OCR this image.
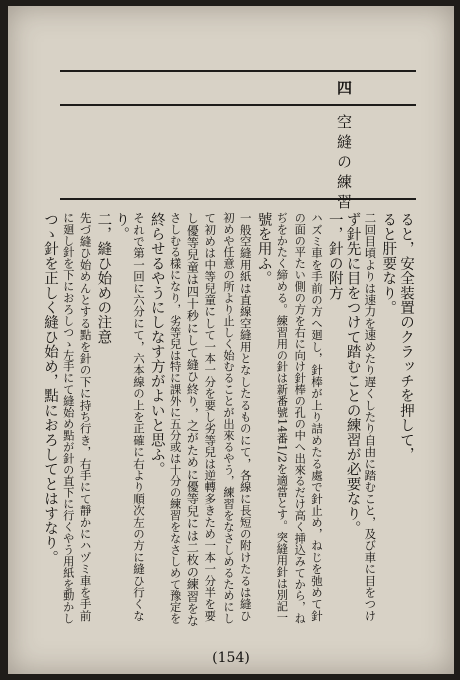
四
空縫の練習
ると，安全装置のクラッチを押して，
ると肝要なり。
二回目頃よりは速力を速めたり遅くしたり自由に踏むこと，及び車に目をつけ
ず針先に目をつけて踏むことの練習が必要なり。
一，針の附方
ハズミ車を手前の方へ廻し，針棒が上り詰めたる處で針止め，ねじを弛めて針
の面の平たい側の方を右に向け針棒の孔の中へ出來るだけ高く挿込みてから，ね
ぢをかたく締める。練習用の針は新番號14番1/2を適當とす。突縫用針は別記一
號を用ふ。
一般空縫用紙は直線空縫用となしたるものにて，各線に長短の附けたるは縫ひ
初めや任意の所より止しく始むることが出來るやう，練習をなさしめるためにし
て初めは中等兒童にして一本一分を要し劣等兒は逆轉多きため一本一分半を要
し優等兒童は四十秒にして縫ひ終り，之がために優等兒には二枚の練習をな
さしむる樣になり，劣等兒は特に課外に五分或は十分の練習をなさしめて豫定を
終らせるやうにしなす方がよいと思ふ。
それで第一回に六分にて，六本線の上を正確に右より順次左の方に縫ひ行くな
り。
二，縫ひ始めの注意
先づ縫ひ始めんとする點を針の下に持ち行き，右手にて靜かにハヅミ車を手前
に廻し針を下におろしつゝ左手にて縫始め點が針の直下に行くやう用紙を動かし
つゝ針を正しく縫ひ始め，點におろしてとはすなり。
(154)
